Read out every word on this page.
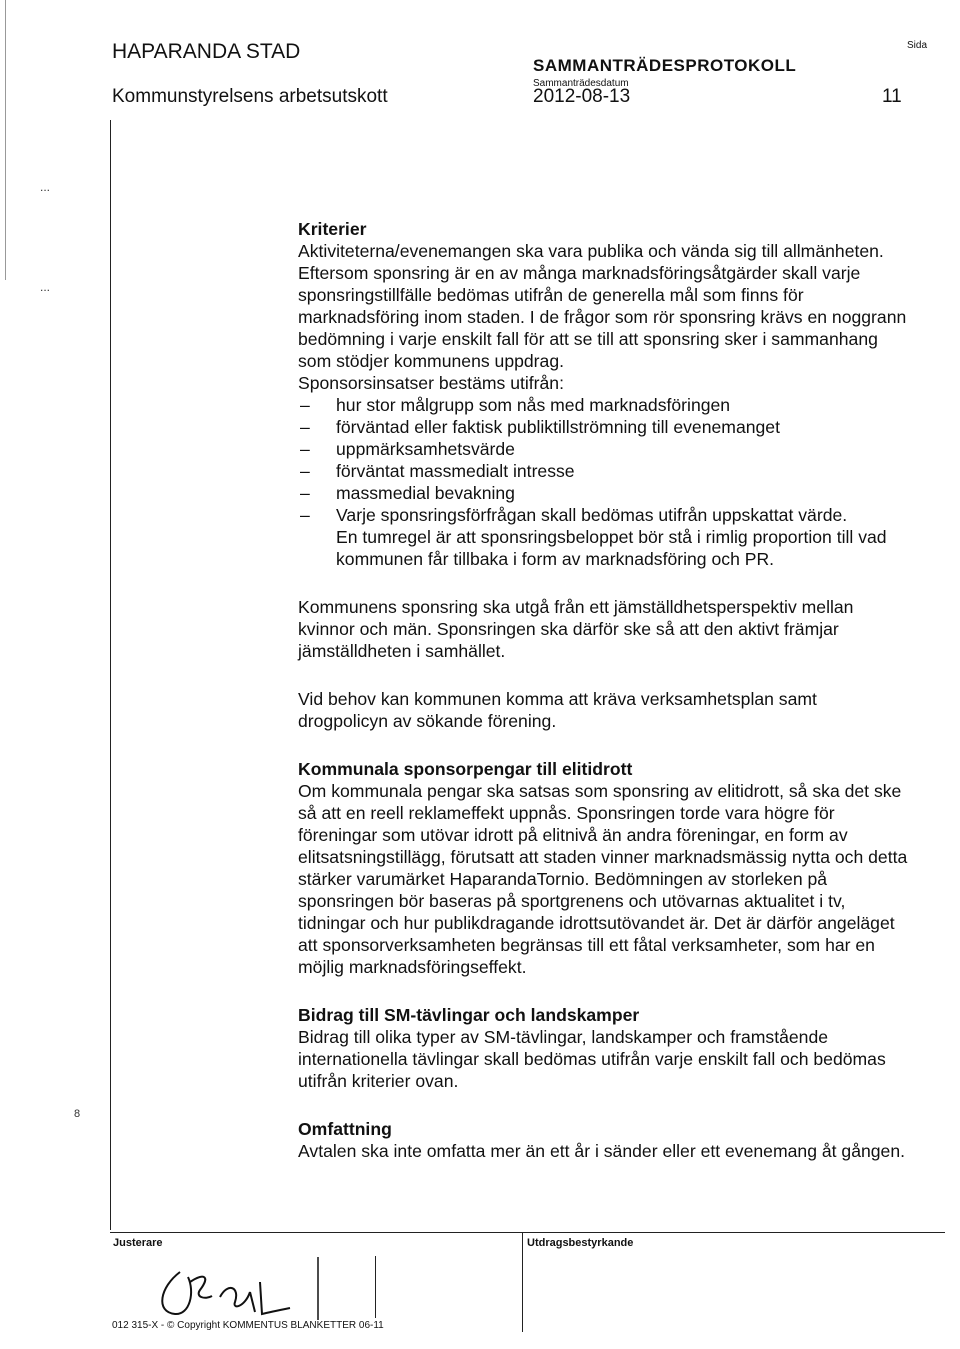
HAPARANDA STAD
Kommunstyrelsens arbetsutskott
SAMMANTRÄDESPROTOKOLL
Sammanträdesdatum
2012-08-13
Sida
11
...
...
8
Kriterier

Aktiviteterna/evenemangen ska vara publika och vända sig till allmänheten. Eftersom sponsring är en av många marknadsföringsåtgärder skall varje sponsringstillfälle bedömas utifrån de generella mål som finns för marknadsföring inom staden. I de frågor som rör sponsring krävs en noggrann bedömning i varje enskilt fall för att se till att sponsring sker i sammanhang som stödjer kommunens uppdrag.

Sponsorsinsatser bestäms utifrån:

– hur stor målgrupp som nås med marknadsföringen
– förväntad eller faktisk publiktillströmning till evenemanget
– uppmärksamhetsvärde
– förväntat massmedialt intresse
– massmedial bevakning
– Varje sponsringsförfrågan skall bedömas utifrån uppskattat värde.

En tumregel är att sponsringsbeloppet bör stå i rimlig proportion till vad kommunen får tillbaka i form av marknadsföring och PR.

Kommunens sponsring ska utgå från ett jämställdhetsperspektiv mellan kvinnor och män. Sponsringen ska därför ske så att den aktivt främjar jämställdheten i samhället.

Vid behov kan kommunen komma att kräva verksamhetsplan samt drogpolicyn av sökande förening.

Kommunala sponsorpengar till elitidrott

Om kommunala pengar ska satsas som sponsring av elitidrott, så ska det ske så att en reell reklameffekt uppnås. Sponsringen torde vara högre för föreningar som utövar idrott på elitnivå än andra föreningar, en form av elitsatsningstillägg, förutsatt att staden vinner marknadsmässig nytta och detta stärker varumärket HaparandaTornio. Bedömningen av storleken på sponsringen bör baseras på sportgrenens och utövarnas aktualitet i tv, tidningar och hur publikdragande idrottsutövandet är. Det är därför angeläget att sponsorverksamheten begränsas till ett fåtal verksamheter, som har en möjlig marknadsföringseffekt.

Bidrag till SM-tävlingar och landskamper

Bidrag till olika typer av SM-tävlingar, landskamper och framstående internationella tävlingar skall bedömas utifrån varje enskilt fall och bedömas utifrån kriterier ovan.

Omfattning

Avtalen ska inte omfatta mer än ett år i sänder eller ett evenemang åt gången.

Justerare	Utdragsbestyrkande
012 315-X - © Copyright KOMMENTUS BLANKETTER 06-11
